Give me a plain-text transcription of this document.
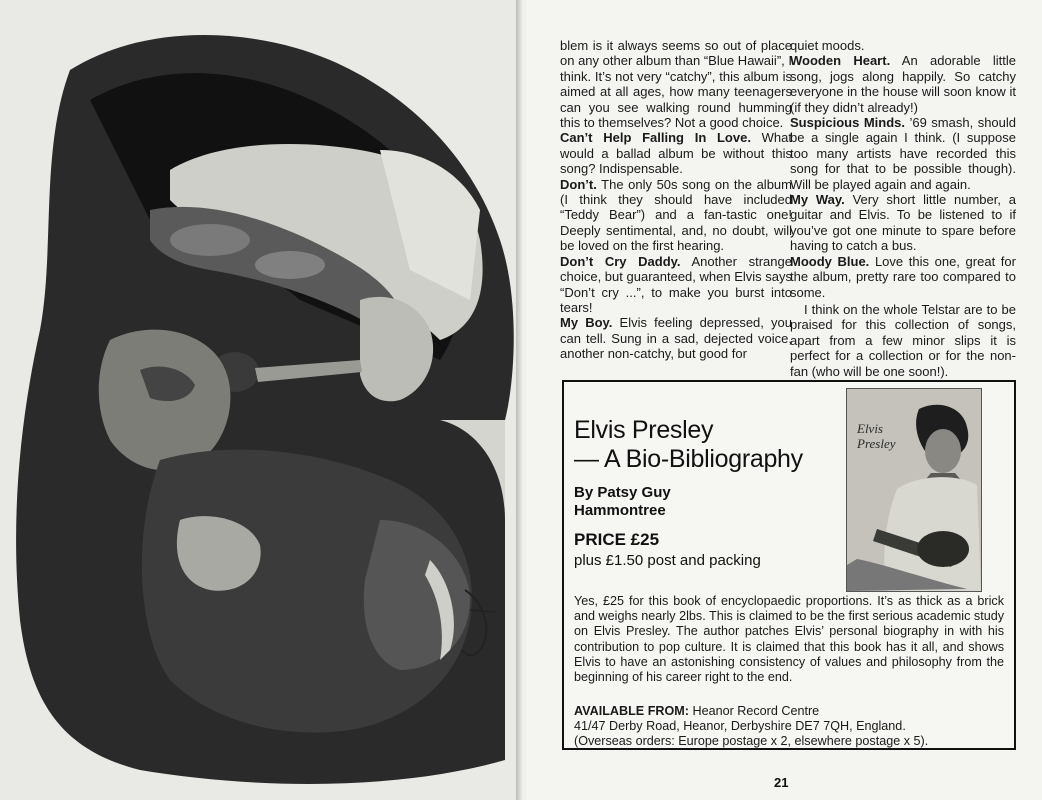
blem is it always seems so out of place on any other album than “Blue Hawaii”, I think. It’s not very “catchy”, this album is aimed at all ages, how many teenagers can you see walking round humming this to themselves? Not a good choice.

Can’t Help Falling In Love. What would a ballad album be without this song? Indispensable.

Don’t. The only 50s song on the album (I think they should have included “Teddy Bear”) and a fan-tastic one! Deeply sentimental, and, no doubt, will be loved on the first hearing.

Don’t Cry Daddy. Another strange choice, but guaranteed, when Elvis says “Don’t cry ...”, to make you burst into tears!

My Boy. Elvis feeling depressed, you can tell. Sung in a sad, dejected voice, another non-catchy, but good for

quiet moods.

Wooden Heart. An adorable little song, jogs along happily. So catchy everyone in the house will soon know it (if they didn’t already!)

Suspicious Minds. ’69 smash, should be a single again I think. (I suppose too many artists have recorded this song for that to be possible though). Will be played again and again.

My Way. Very short little number, a guitar and Elvis. To be listened to if you’ve got one minute to spare before having to catch a bus.

Moody Blue. Love this one, great for the album, pretty rare too compared to some.

I think on the whole Telstar are to be praised for this collection of songs, apart from a few minor slips it is perfect for a collection or for the non-fan (who will be one soon!).

Elvis Presley
— A Bio-Bibliography
By Patsy Guy
Hammontree
PRICE £25
plus £1.50 post and packing
Elvis
Presley
Yes, £25 for this book of encyclopaedic proportions. It’s as thick as a brick and weighs nearly 2lbs. This is claimed to be the first serious academic study on Elvis Presley. The author patches Elvis’ personal biography in with his contribution to pop culture. It is claimed that this book has it all, and shows Elvis to have an astonishing consistency of values and philosophy from the beginning of his career right to the end.
AVAILABLE FROM: Heanor Record Centre
41/47 Derby Road, Heanor, Derbyshire DE7 7QH, England.
(Overseas orders: Europe postage x 2, elsewhere postage x 5).
21
